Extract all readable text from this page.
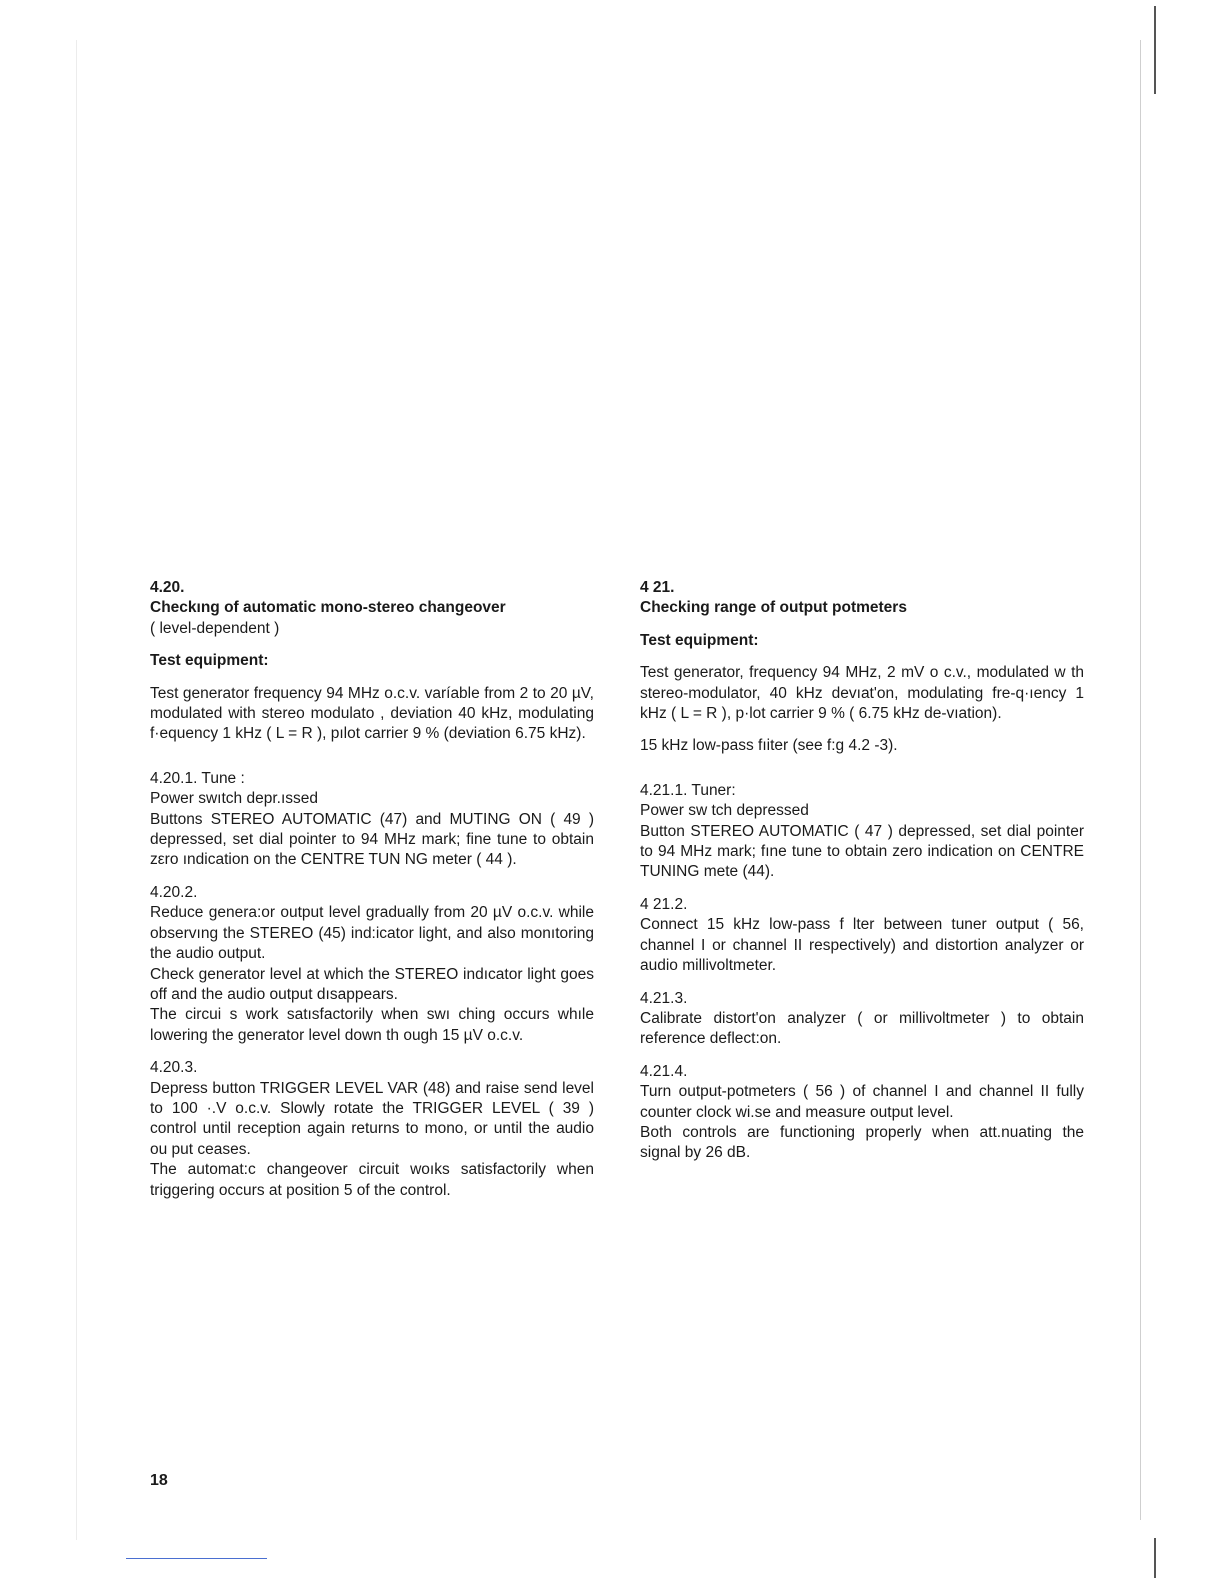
4.20.

Checkıng of automatic mono-stereo changeover

( level-dependent )

Test equipment:

Test generator frequency 94 MHz o.c.v. varíable from 2 to 20 µV, modulated with stereo modulato , deviation 40 kHz, modulating f·equency 1 kHz ( L = R ), pılot carrier 9 % (deviation 6.75 kHz).

4.20.1. Tune :

Power swıtch depr.ıssed
Buttons STEREO AUTOMATIC (47) and MUTING ON ( 49 ) depressed, set dial pointer to 94 MHz mark; fine tune to obtain zεro ındication on the CENTRE TUN NG meter ( 44 ).

4.20.2.

Reduce genera:or output level gradually from 20 µV o.c.v. while observıng the STEREO (45) ind:icator light, and also monıtoring the audio output.
Check generator level at which the STEREO indıcator light goes off and the audio output dısappears.
The circui s work satısfactorily when swı ching occurs whıle lowering the generator level down th ough 15 µV o.c.v.

4.20.3.

Depress button TRIGGER LEVEL VAR (48) and raise send level to 100 ·.V o.c.v. Slowly rotate the TRIGGER LEVEL ( 39 ) control until reception again returns to mono, or until the audio ou put ceases.
The automat:c changeover circuit woıks satisfactorily when triggering occurs at position 5 of the control.

4 21.

Checking range of output potmeters

Test equipment:

Test generator, frequency 94 MHz, 2 mV o c.v., modulated w th stereo-modulator, 40 kHz devıat'on, modulating fre-q·ıency 1 kHz ( L = R ), p·lot carrier 9 % ( 6.75 kHz de-vıation).

15 kHz low-pass fıiter (see f:g 4.2 -3).

4.21.1. Tuner:

Power sw tch depressed
Button STEREO AUTOMATIC ( 47 ) depressed, set dial pointer to 94 MHz mark; fıne tune to obtain zero indication on CENTRE TUNING mete (44).

4 21.2.

Connect 15 kHz low-pass f lter between tuner output ( 56, channel I or channel II respectively) and distortion analyzer or audio millivoltmeter.

4.21.3.

Calibrate distort'on analyzer ( or millivoltmeter ) to obtain reference deflect:on.

4.21.4.

Turn output-potmeters ( 56 ) of channel I and channel II fully counter clock wi.se and measure output level.
Both controls are functioning properly when att.nuating the signal by 26 dB.

18
